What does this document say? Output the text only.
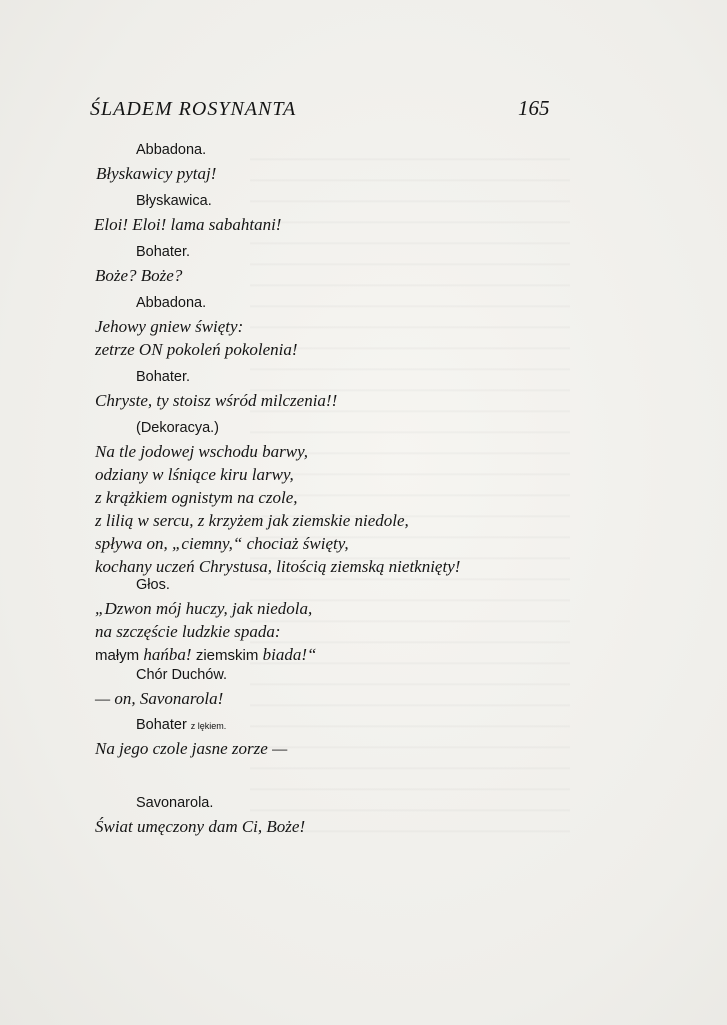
ŚLADEM ROSYNANTA	165
Abbadona.
Błyskawicy pytaj!
Błyskawica.
Eloi! Eloi! lama sabahtani!
Bohater.
Boże? Boże?
Abbadona.
Jehowy gniew święty:
zetrze ON pokoleń pokolenia!
Bohater.
Chryste, ty stoisz wśród milczenia!!
(Dekoracya.)
Na tle jodowej wschodu barwy,
odziany w lśniące kiru larwy,
z krążkiem ognistym na czole,
z lilią w sercu, z krzyżem jak ziemskie niedole,
spływa on, „ciemny,“ chociaż święty,
kochany uczeń Chrystusa, litością ziemską nietknięty!
Głos.
„Dzwon mój huczy, jak niedola,
na szczęście ludzkie spada:
małym hańba! ziemskim biada!“
Chór Duchów.
— on, Savonarola!
Bohater z lękiem.
Na jego czole jasne zorze —
Savonarola.
Świat umęczony dam Ci, Boże!
